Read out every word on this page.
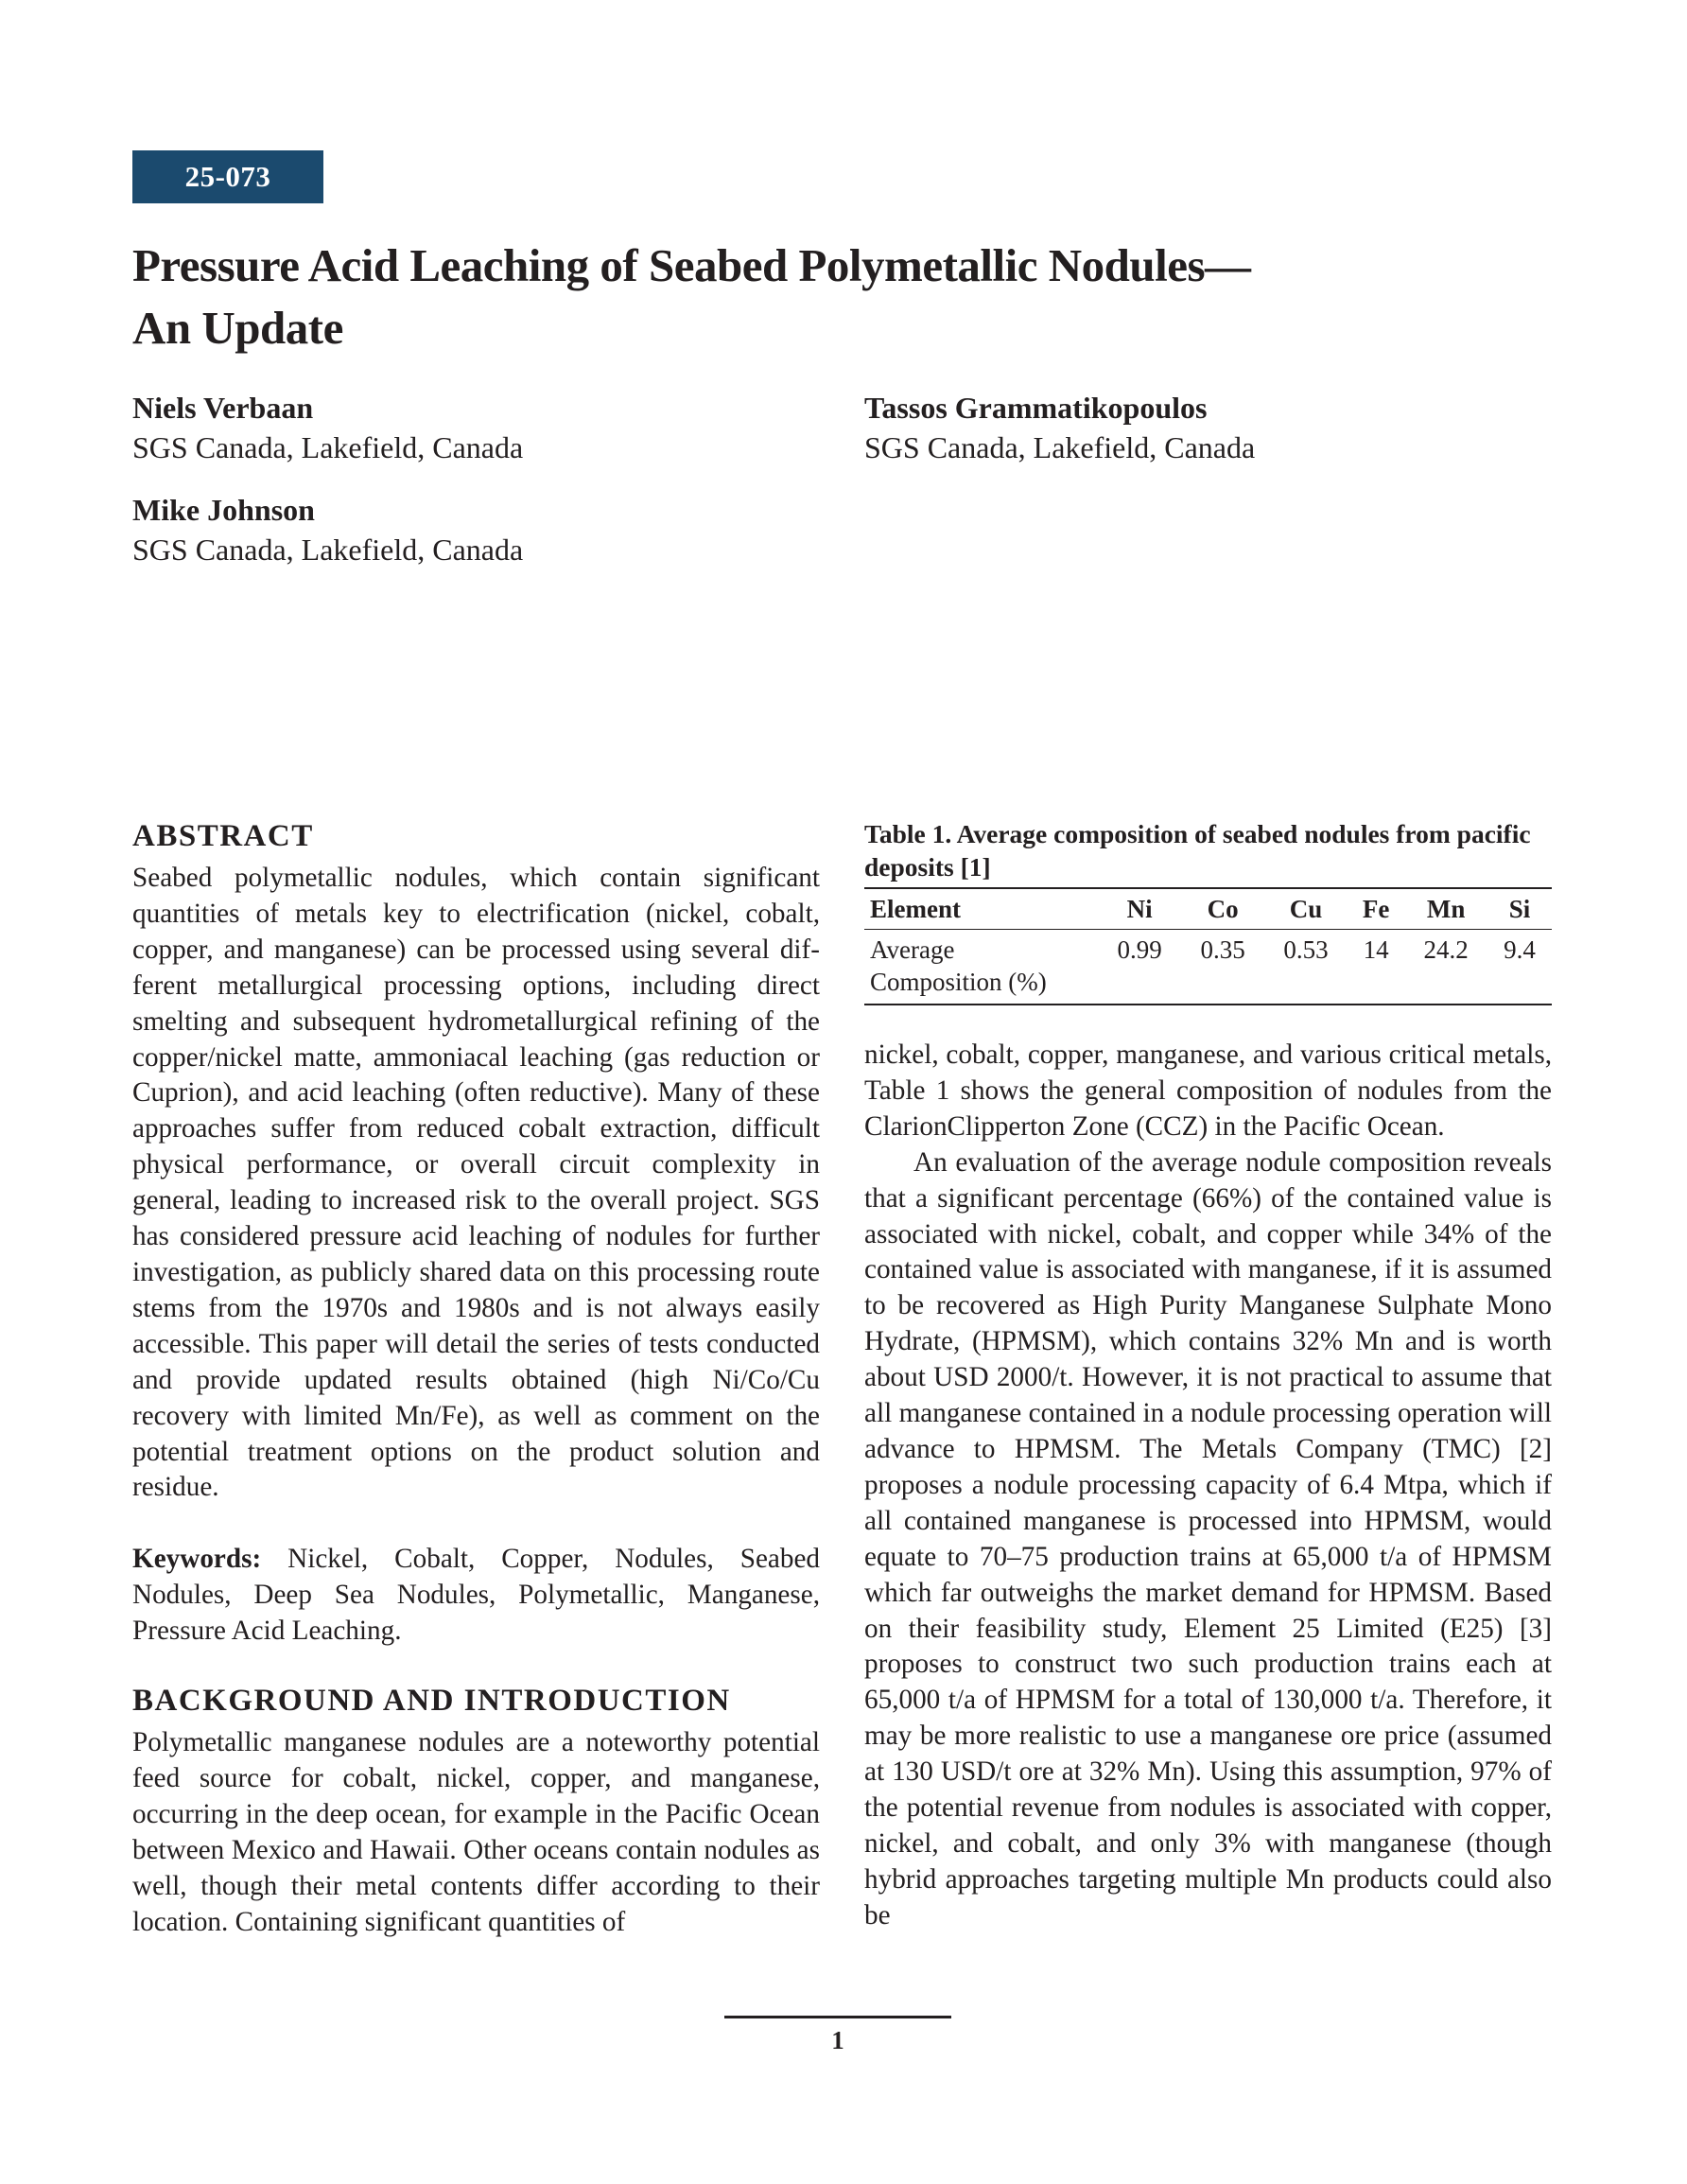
25-073
Pressure Acid Leaching of Seabed Polymetallic Nodules—
An Update
Niels Verbaan
SGS Canada, Lakefield, Canada
Mike Johnson
SGS Canada, Lakefield, Canada
Tassos Grammatikopoulos
SGS Canada, Lakefield, Canada
ABSTRACT

Seabed polymetallic nodules, which contain significant quantities of metals key to electrification (nickel, cobalt, copper, and manganese) can be processed using several different metallurgical processing options, including direct smelting and subsequent hydrometallurgical refining of the copper/nickel matte, ammoniacal leaching (gas reduction or Cuprion), and acid leaching (often reductive). Many of these approaches suffer from reduced cobalt extraction, difficult physical performance, or overall circuit complexity in general, leading to increased risk to the overall project. SGS has considered pressure acid leaching of nodules for further investigation, as publicly shared data on this processing route stems from the 1970s and 1980s and is not always easily accessible. This paper will detail the series of tests conducted and provide updated results obtained (high Ni/Co/Cu recovery with limited Mn/Fe), as well as comment on the potential treatment options on the product solution and residue.

Keywords: Nickel, Cobalt, Copper, Nodules, Seabed Nodules, Deep Sea Nodules, Polymetallic, Manganese, Pressure Acid Leaching.

BACKGROUND AND INTRODUCTION

Polymetallic manganese nodules are a noteworthy potential feed source for cobalt, nickel, copper, and manganese, occurring in the deep ocean, for example in the Pacific Ocean between Mexico and Hawaii. Other oceans contain nodules as well, though their metal contents differ according to their location. Containing significant quantities of

Table 1. Average composition of seabed nodules from pacific deposits [1]

Element	Ni	Co	Cu	Fe	Mn	Si
Average Composition (%)	0.99	0.35	0.53	14	24.2	9.4

nickel, cobalt, copper, manganese, and various critical metals, Table 1 shows the general composition of nodules from the ClarionClipperton Zone (CCZ) in the Pacific Ocean.

An evaluation of the average nodule composition reveals that a significant percentage (66%) of the contained value is associated with nickel, cobalt, and copper while 34% of the contained value is associated with manganese, if it is assumed to be recovered as High Purity Manganese Sulphate Mono Hydrate, (HPMSM), which contains 32% Mn and is worth about USD 2000/t. However, it is not practical to assume that all manganese contained in a nodule processing operation will advance to HPMSM. The Metals Company (TMC) [2] proposes a nodule processing capacity of 6.4 Mtpa, which if all contained manganese is processed into HPMSM, would equate to 70–75 production trains at 65,000 t/a of HPMSM which far outweighs the market demand for HPMSM. Based on their feasibility study, Element 25 Limited (E25) [3] proposes to construct two such production trains each at 65,000 t/a of HPMSM for a total of 130,000 t/a. Therefore, it may be more realistic to use a manganese ore price (assumed at 130 USD/t ore at 32% Mn). Using this assumption, 97% of the potential revenue from nodules is associated with copper, nickel, and cobalt, and only 3% with manganese (though hybrid approaches targeting multiple Mn products could also be

1
